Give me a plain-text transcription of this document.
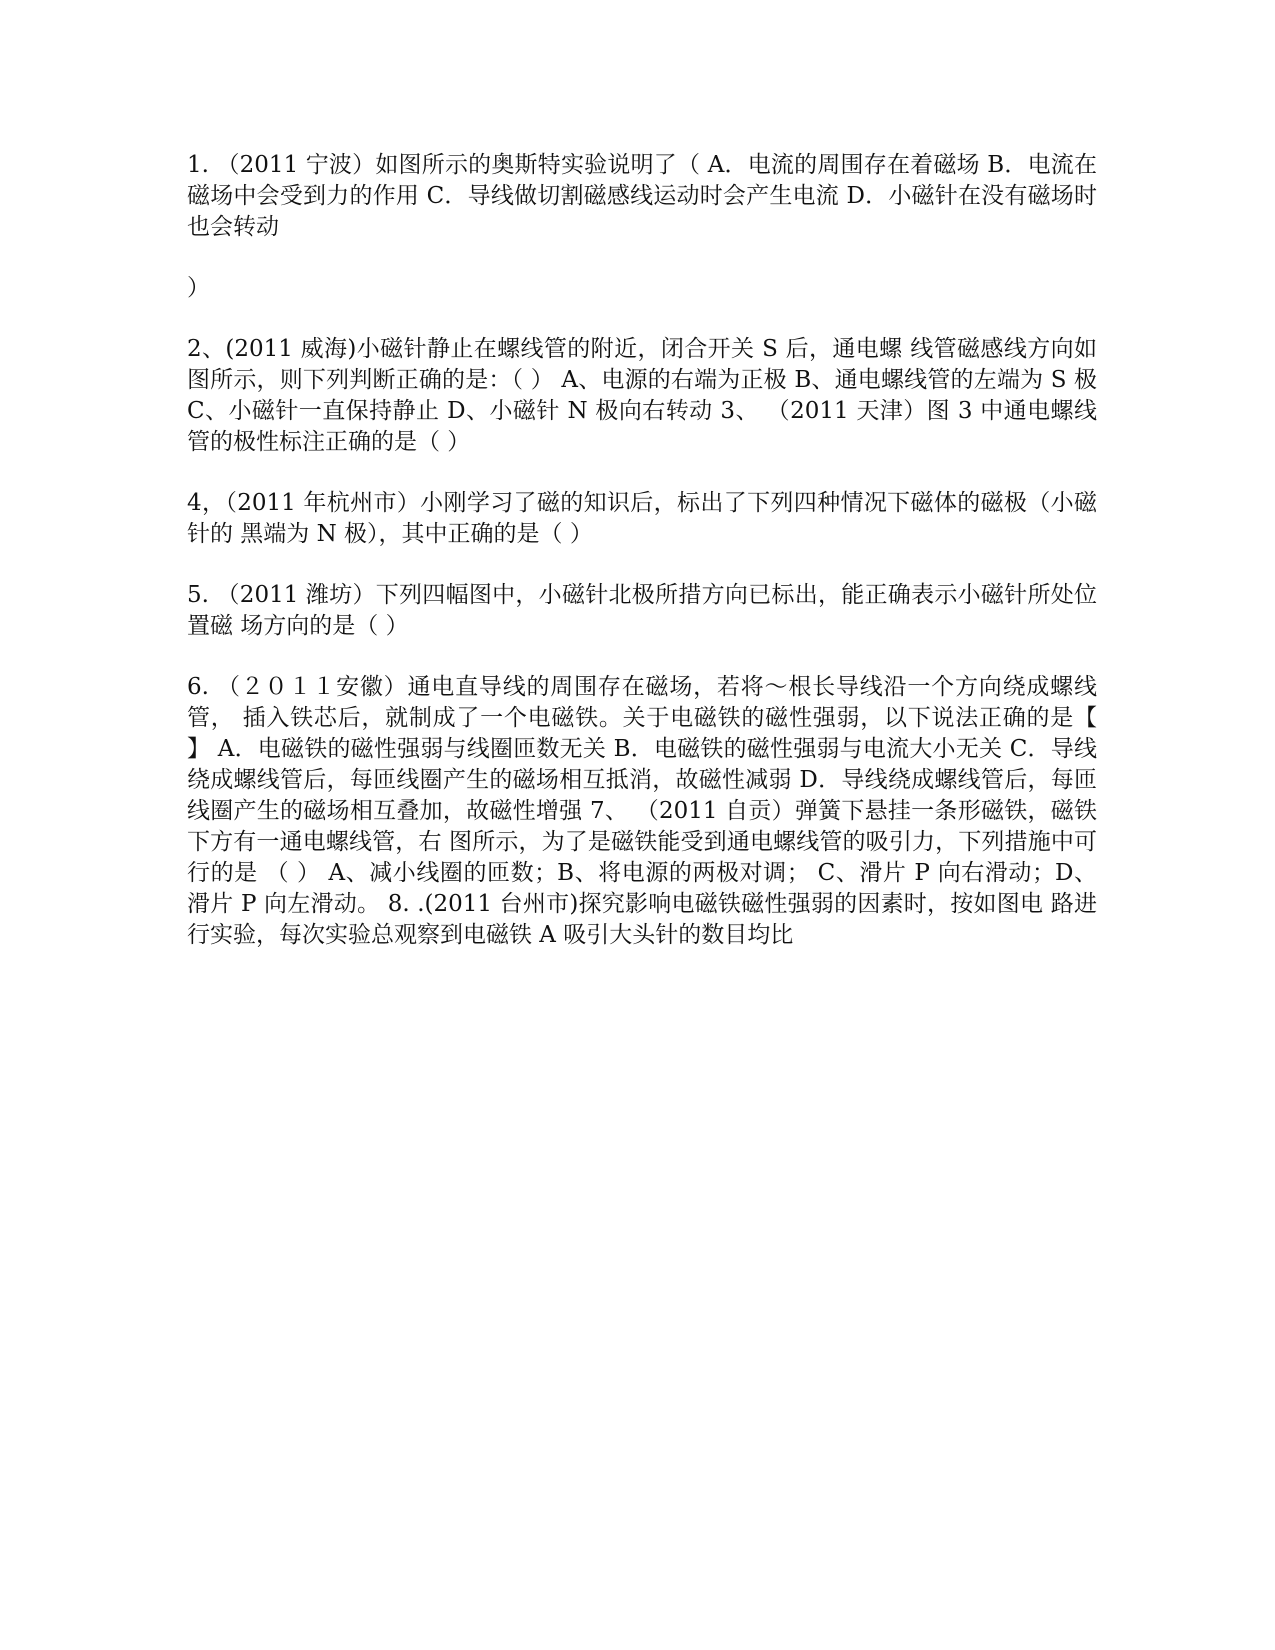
1. （2011 宁波）如图所示的奥斯特实验说明了（ A．电流的周围存在着磁场 B．电流在磁场中会受到力的作用 C．导线做切割磁感线运动时会产生电流 D．小磁针在没有磁场时也会转动

）

2、(2011 威海)小磁针静止在螺线管的附近，闭合开关 S 后，通电螺 线管磁感线方向如图所示，则下列判断正确的是：（ ） A、电源的右端为正极 B、通电螺线管的左端为 S 极 C、小磁针一直保持静止 D、小磁针 N 极向右转动 3、 （2011 天津）图 3 中通电螺线管的极性标注正确的是（ ）

4，（2011 年杭州市）小刚学习了磁的知识后，标出了下列四种情况下磁体的磁极（小磁针的 黑端为 N 极），其中正确的是（ ）

5. （2011 潍坊）下列四幅图中，小磁针北极所措方向已标出，能正确表示小磁针所处位置磁 场方向的是（ ）

6. （２０１１安徽）通电直导线的周围存在磁场，若将～根长导线沿一个方向绕成螺线管， 插入铁芯后，就制成了一个电磁铁。关于电磁铁的磁性强弱，以下说法正确的是【 】 A．电磁铁的磁性强弱与线圈匝数无关 B．电磁铁的磁性强弱与电流大小无关 C．导线绕成螺线管后，每匝线圈产生的磁场相互抵消，故磁性减弱 D．导线绕成螺线管后，每匝线圈产生的磁场相互叠加，故磁性增强 7、 （2011 自贡）弹簧下悬挂一条形磁铁，磁铁下方有一通电螺线管，右 图所示，为了是磁铁能受到通电螺线管的吸引力，下列措施中可行的是 （ ） A、减小线圈的匝数；B、将电源的两极对调； C、滑片 P 向右滑动；D、滑片 P 向左滑动。 8. .(2011 台州市)探究影响电磁铁磁性强弱的因素时，按如图电 路进行实验，每次实验总观察到电磁铁 A 吸引大头针的数目均比
